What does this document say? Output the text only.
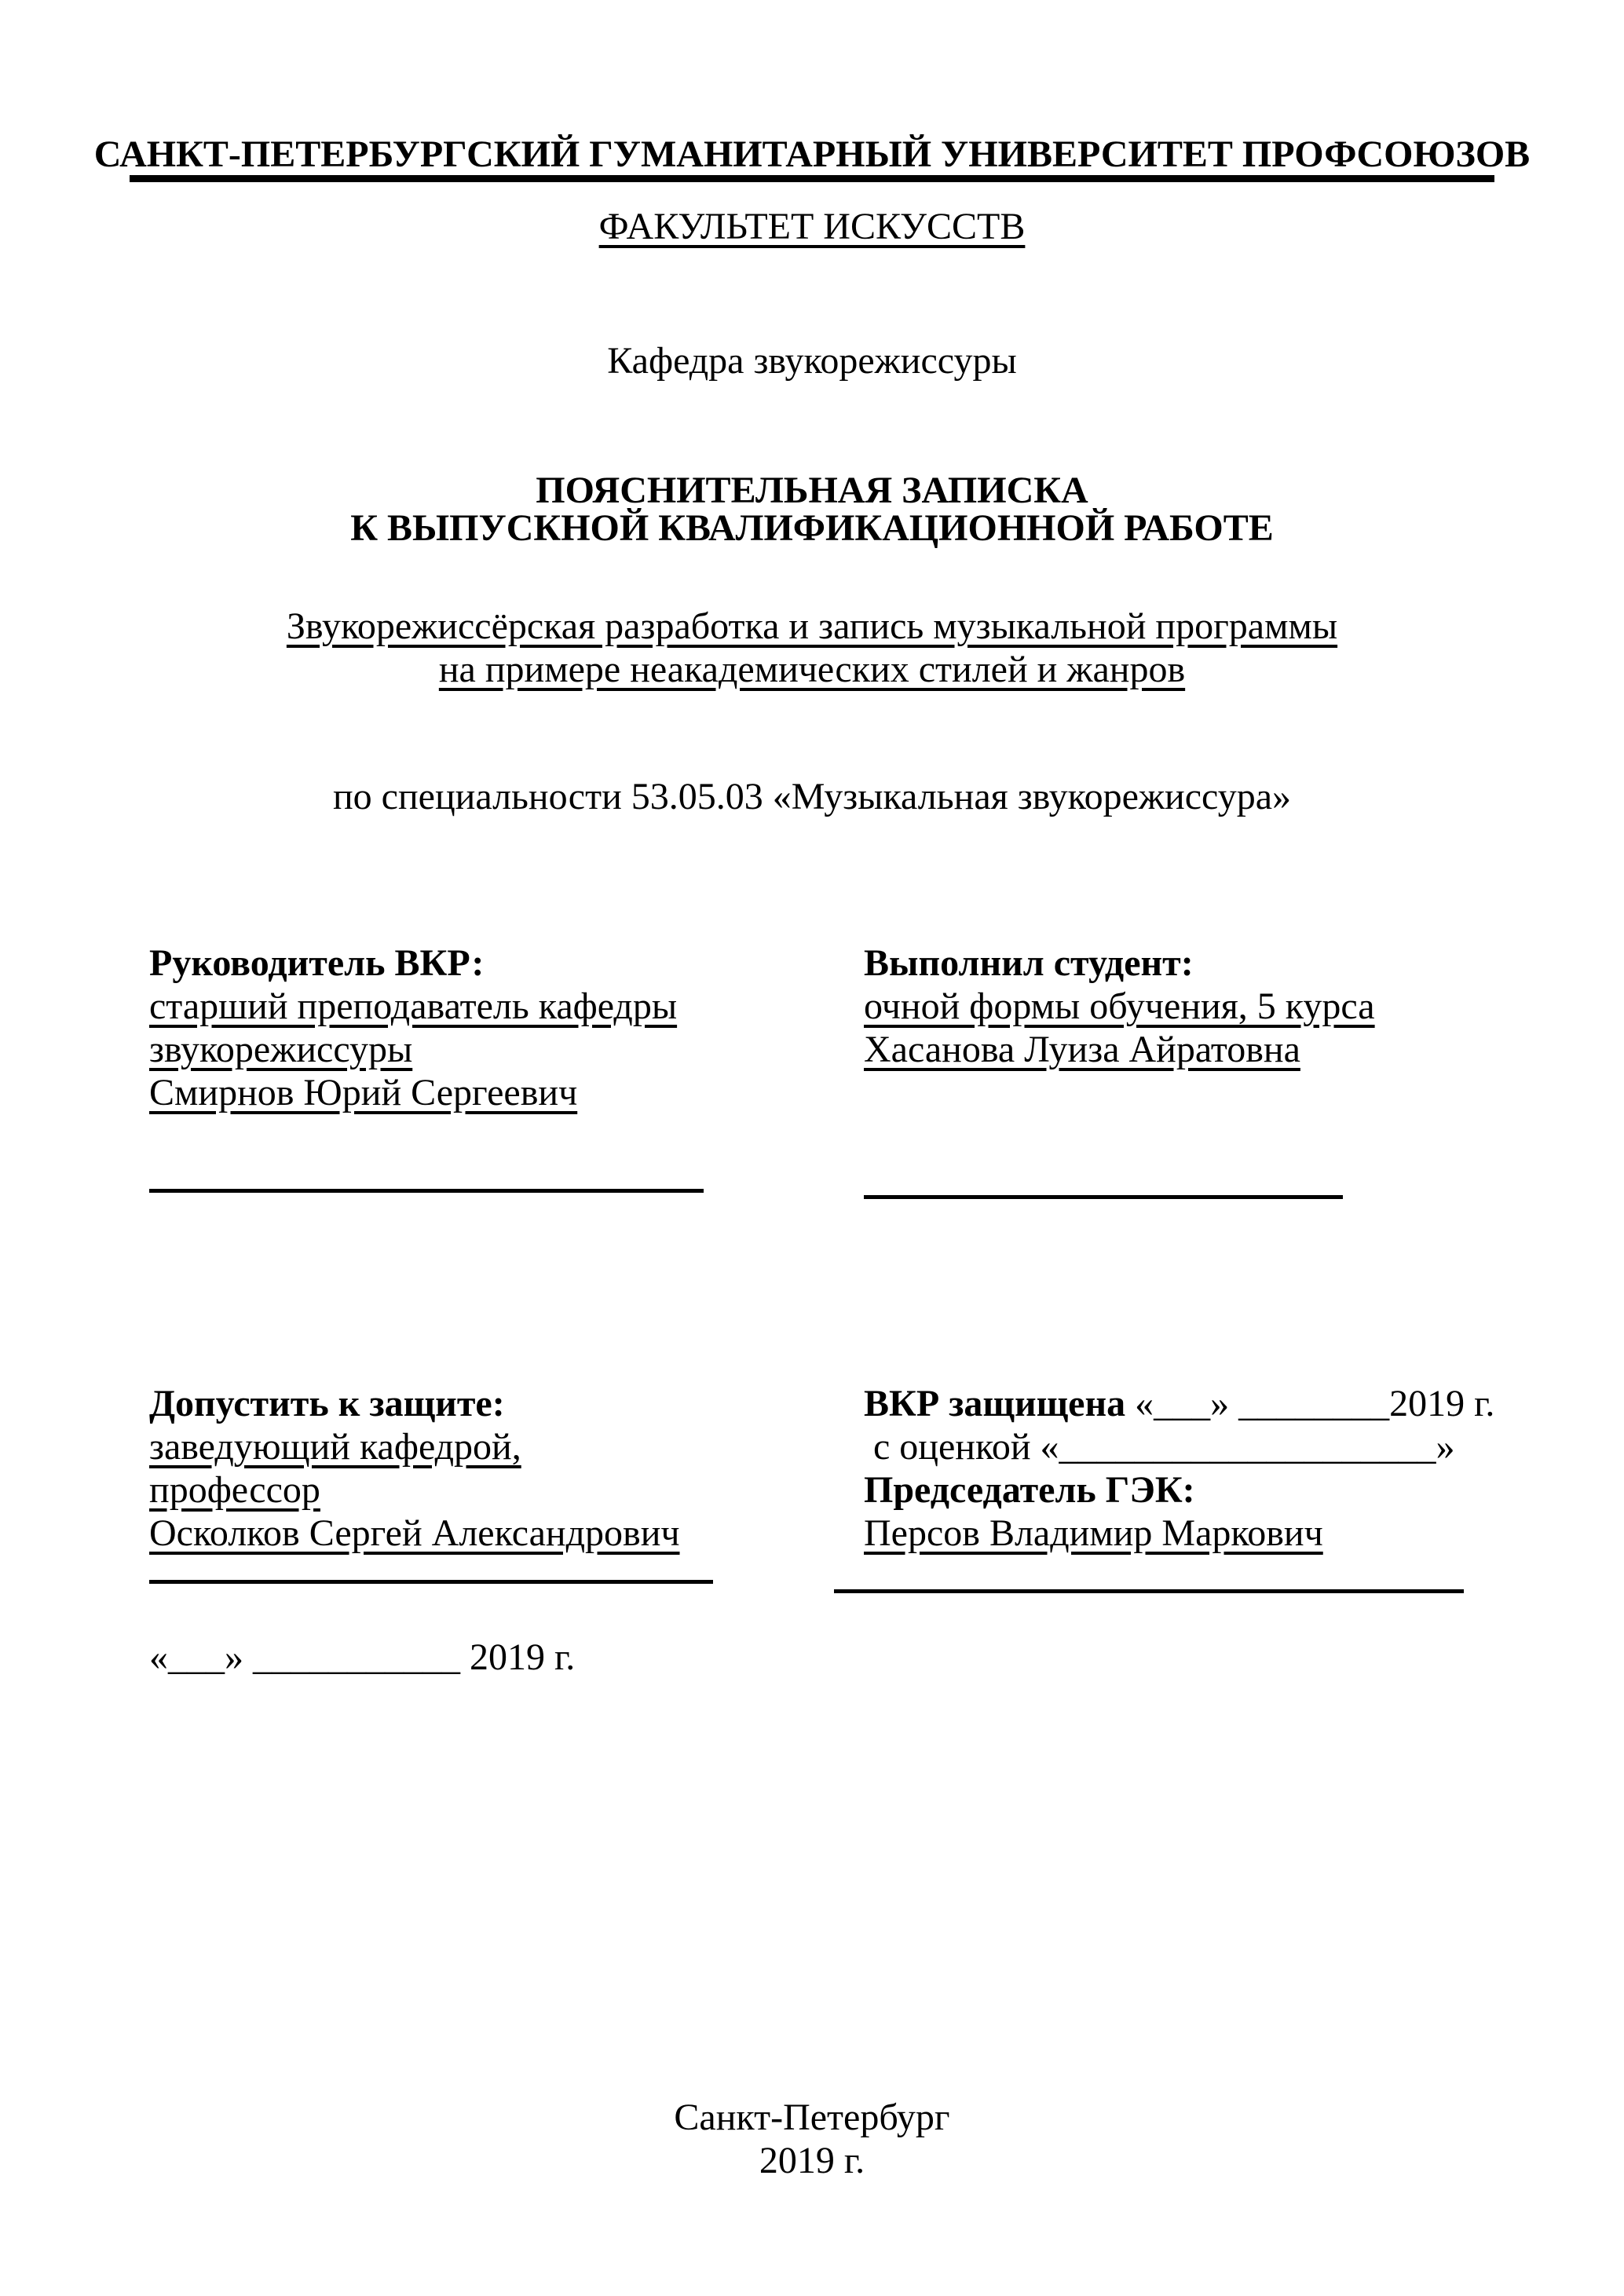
САНКТ-ПЕТЕРБУРГСКИЙ ГУМАНИТАРНЫЙ УНИВЕРСИТЕТ ПРОФСОЮЗОВ
ФАКУЛЬТЕТ ИСКУССТВ
Кафедра звукорежиссуры
ПОЯСНИТЕЛЬНАЯ ЗАПИСКА
К ВЫПУСКНОЙ КВАЛИФИКАЦИОННОЙ РАБОТЕ
Звукорежиссёрская разработка и запись музыкальной программы
на примере неакадемических стилей и жанров
по специальности 53.05.03 «Музыкальная звукорежиссура»
Руководитель ВКР:
старший преподаватель кафедры
звукорежиссуры
Смирнов Юрий Сергеевич
Выполнил студент:
очной формы обучения, 5 курса
Хасанова Луиза Айратовна
Допустить к защите:
заведующий кафедрой,
профессор
Осколков Сергей Александрович
ВКР защищена «___» ________2019 г.
с оценкой «____________________»
Председатель ГЭК:
Персов Владимир Маркович
«___» ___________ 2019 г.
Санкт-Петербург
2019 г.
